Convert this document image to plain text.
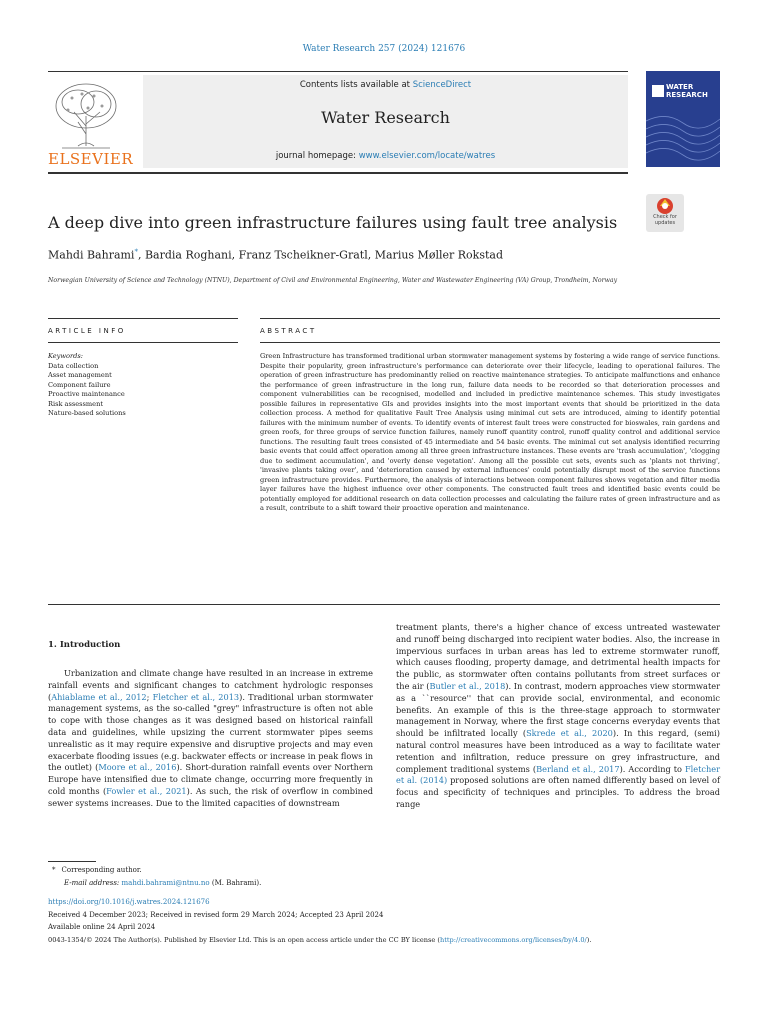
Water Research 257 (2024) 121676
ELSEVIER
Contents lists available at ScienceDirect
Water Research
journal homepage: www.elsevier.com/locate/watres
WATER RESEARCH
A deep dive into green infrastructure failures using fault tree analysis	Check for updates
Mahdi Bahrami*, Bardia Roghani, Franz Tscheikner-Gratl, Marius Møller Rokstad
Norwegian University of Science and Technology (NTNU), Department of Civil and Environmental Engineering, Water and Wastewater Engineering (VA) Group, Trondheim, Norway
ARTICLE INFO	ABSTRACT
Keywords:
Data collection
Asset management
Component failure
Proactive maintenance
Risk assessment
Nature-based solutions
Green Infrastructure has transformed traditional urban stormwater management systems by fostering a wide range of service functions. Despite their popularity, green infrastructure's performance can deteriorate over their lifecycle, leading to operational failures. The operation of green infrastructure has predominantly relied on reactive maintenance strategies. To anticipate malfunctions and enhance the performance of green infrastructure in the long run, failure data needs to be recorded so that deterioration processes and component vulnerabilities can be recognised, modelled and included in predictive maintenance schemes. This study investigates possible failures in representative GIs and provides insights into the most important events that should be prioritized in the data collection process. A method for qualitative Fault Tree Analysis using minimal cut sets are introduced, aiming to identify potential failures with the minimum number of events. To identify events of interest fault trees were constructed for bioswales, rain gardens and green roofs, for three groups of service function failures, namely runoff quantity control, runoff quality control and additional service functions. The resulting fault trees consisted of 45 intermediate and 54 basic events. The minimal cut set analysis identified recurring basic events that could affect operation among all three green infrastructure instances. These events are 'trash accumulation', 'clogging due to sediment accumulation', and 'overly dense vegetation'. Among all the possible cut sets, events such as 'plants not thriving', 'invasive plants taking over', and 'deterioration caused by external influences' could potentially disrupt most of the service functions green infrastructure provides. Furthermore, the analysis of interactions between component failures shows vegetation and filter media layer failures have the highest influence over other components. The constructed fault trees and identified basic events could be potentially employed for additional research on data collection processes and calculating the failure rates of green infrastructure and as a result, contribute to a shift toward their proactive operation and maintenance.
1. Introduction
Urbanization and climate change have resulted in an increase in extreme rainfall events and significant changes to catchment hydrologic responses (Ahiablame et al., 2012; Fletcher et al., 2013). Traditional urban stormwater management systems, as the so-called "grey" infrastructure is often not able to cope with those changes as it was designed based on historical rainfall data and guidelines, while upsizing the current stormwater pipes seems unrealistic as it may require expensive and disruptive projects and may even exacerbate flooding issues (e.g. backwater effects or increase in peak flows in the outlet) (Moore et al., 2016). Short-duration rainfall events over Northern Europe have intensified due to climate change, occurring more frequently in cold months (Fowler et al., 2021). As such, the risk of overflow in combined sewer systems increases. Due to the limited capacities of downstream
treatment plants, there's a higher chance of excess untreated wastewater and runoff being discharged into recipient water bodies. Also, the increase in impervious surfaces in urban areas has led to extreme stormwater runoff, which causes flooding, property damage, and detrimental health impacts for the public, as stormwater often contains pollutants from street surfaces or the air (Butler et al., 2018). In contrast, modern approaches view stormwater as a ``resource'' that can provide social, environmental, and economic benefits. An example of this is the three-stage approach to stormwater management in Norway, where the first stage concerns everyday events that should be infiltrated locally (Skrede et al., 2020). In this regard, (semi) natural control measures have been introduced as a way to facilitate water retention and infiltration, reduce pressure on grey infrastructure, and complement traditional systems (Berland et al., 2017). According to Fletcher et al. (2014) proposed solutions are often named differently based on level of focus and specificity of techniques and principles. To address the broad range
* Corresponding author.
E-mail address: mahdi.bahrami@ntnu.no (M. Bahrami).
https://doi.org/10.1016/j.watres.2024.121676
Received 4 December 2023; Received in revised form 29 March 2024; Accepted 23 April 2024
Available online 24 April 2024
0043-1354/© 2024 The Author(s). Published by Elsevier Ltd. This is an open access article under the CC BY license (http://creativecommons.org/licenses/by/4.0/).
